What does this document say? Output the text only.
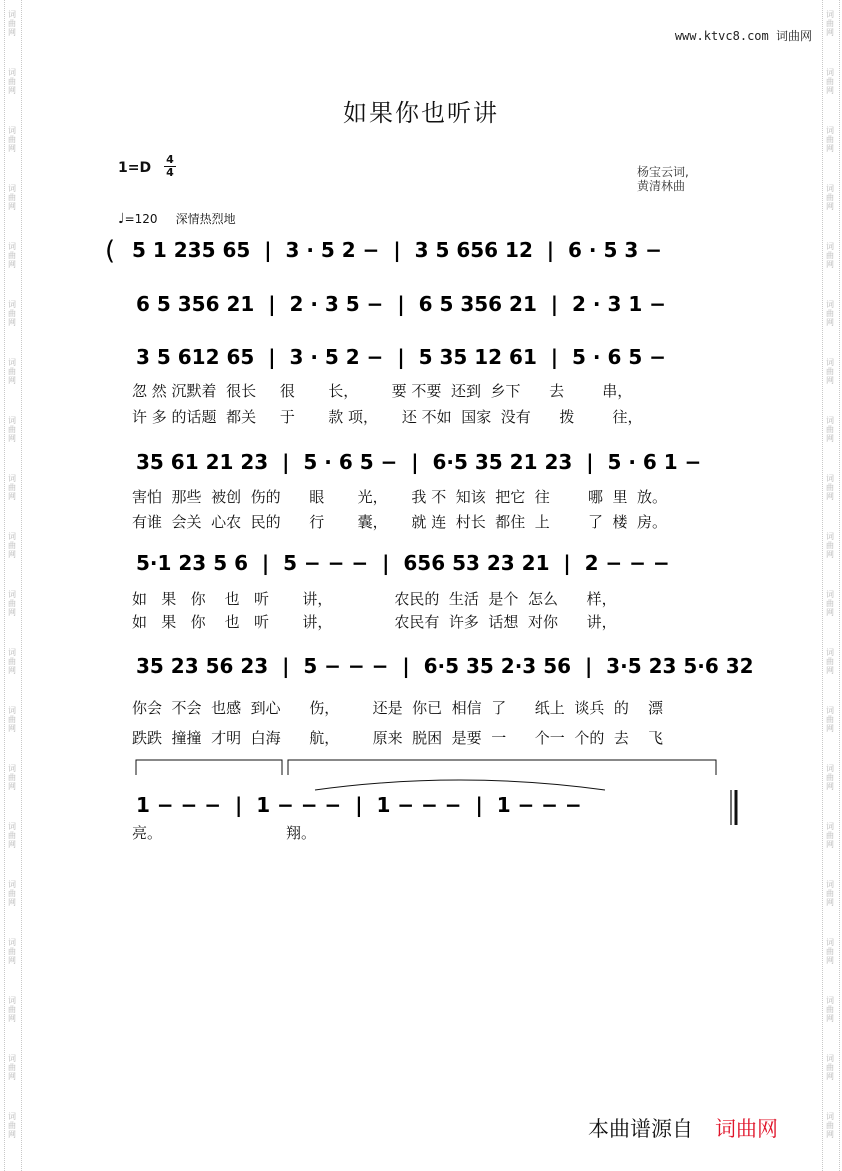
词
曲
网
词
曲
网
词
曲
网
词
曲
网
词
曲
网
词
曲
网
词
曲
网
词
曲
网
词
曲
网
词
曲
网
词
曲
网
词
曲
网
词
曲
网
词
曲
网
词
曲
网
词
曲
网
词
曲
网
词
曲
网
词
曲
网
词
曲
网
词
曲
网
词
曲
网
词
曲
网
词
曲
网
词
曲
网
词
曲
网
词
曲
网
词
曲
网
词
曲
网
词
曲
网
词
曲
网
词
曲
网
词
曲
网
词
曲
网
词
曲
网
词
曲
网
词
曲
网
词
曲
网
词
曲
网
词
曲
网
www.ktvc8.com 词曲网
如果你也听讲
1=D
4
4	杨宝云词,
黄清林曲
♩=120 深情热烈地
( 5 1 235 65  |  3 · 5 2 −  |  3 5 656 12  |  6 · 5 3 −
6 5 356 21  |  2 · 3 5 −  |  6 5 356 21  |  2 · 3 1 −
3 5 612 65  |  3 · 5 2 −  |  5 35 12 61  |  5 · 6 5 −
35 61 21 23  |  5 · 6 5 −  |  6·5 35 21 23  |  5 · 6 1 −
5·1 23 5 6  |  5 − − −  |  656 53 23 21  |  2 − − −
35 23 56 23  |  5 − − −  |  6·5 35 2·3 56  |  3·5 23 5·6 32
1 − − −  |  1 − − −  |  1 − − −  |  1 − − −
忽 然 沉默着  很长     很       长，       要 不要  还到  乡下      去        串，
许 多 的话题  都关     于       款 项，     还 不如  国家  没有      拨        往，
害怕  那些  被创  伤的      眼       光，     我 不  知该  把它  往        哪  里  放。
有谁  会关  心农  民的      行       囊，     就 连  村长  都住  上        了  楼  房。
如   果   你    也   听       讲，             农民的  生活  是个  怎么      样，
如   果   你    也   听       讲，             农民有  许多  话想  对你      讲，
你会  不会  也感  到心      伤，       还是  你已  相信  了      纸上  谈兵  的    漂
跌跌  撞撞  才明  白海      航，       原来  脱困  是要  一      个一  个的  去    飞
亮。                          翔。
本曲谱源自 词曲网
